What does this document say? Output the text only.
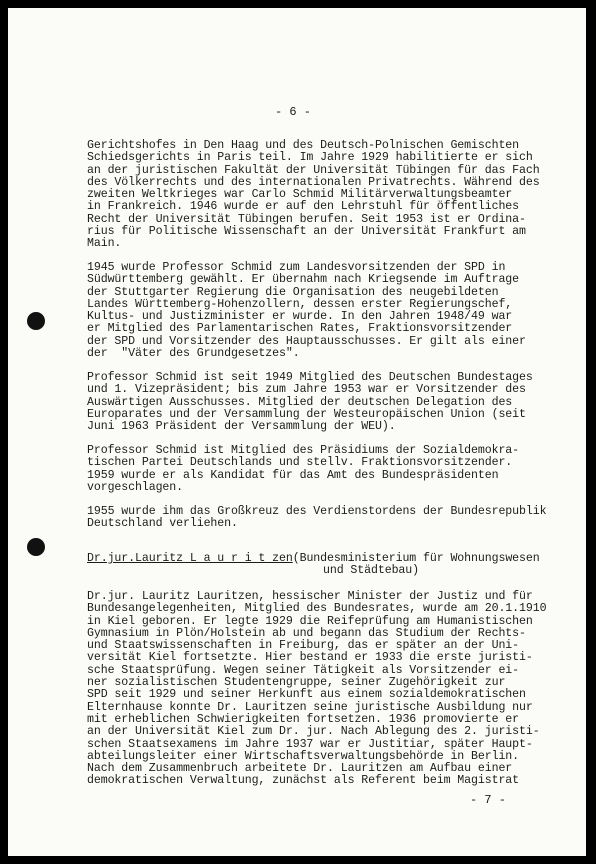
- 6 -
Gerichtshofes in Den Haag und des Deutsch-Polnischen Gemischten
Schiedsgerichts in Paris teil. Im Jahre 1929 habilitierte er sich
an der juristischen Fakultät der Universität Tübingen für das Fach
des Völkerrechts und des internationalen Privatrechts. Während des
zweiten Weltkrieges war Carlo Schmid Militärverwaltungsbeamter
in Frankreich. 1946 wurde er auf den Lehrstuhl für öffentliches
Recht der Universität Tübingen berufen. Seit 1953 ist er Ordina-
rius für Politische Wissenschaft an der Universität Frankfurt am
Main.
1945 wurde Professor Schmid zum Landesvorsitzenden der SPD in
Südwürttemberg gewählt. Er übernahm nach Kriegsende im Auftrage
der Stuttgarter Regierung die Organisation des neugebildeten
Landes Württemberg-Hohenzollern, dessen erster Regierungschef,
Kultus- und Justizminister er wurde. In den Jahren 1948/49 war
er Mitglied des Parlamentarischen Rates, Fraktionsvorsitzender
der SPD und Vorsitzender des Hauptausschusses. Er gilt als einer
der  "Väter des Grundgesetzes".
Professor Schmid ist seit 1949 Mitglied des Deutschen Bundestages
und 1. Vizepräsident; bis zum Jahre 1953 war er Vorsitzender des
Auswärtigen Ausschusses. Mitglied der deutschen Delegation des
Europarates und der Versammlung der Westeuropäischen Union (seit
Juni 1963 Präsident der Versammlung der WEU).
Professor Schmid ist Mitglied des Präsidiums der Sozialdemokra-
tischen Partei Deutschlands und stellv. Fraktionsvorsitzender.
1959 wurde er als Kandidat für das Amt des Bundespräsidenten
vorgeschlagen.
1955 wurde ihm das Großkreuz des Verdienstordens der Bundesrepublik
Deutschland verliehen.
Dr.jur.Lauritz L a u r i t zen(Bundesministerium für Wohnungswesen
und Städtebau)
Dr.jur. Lauritz Lauritzen, hessischer Minister der Justiz und für
Bundesangelegenheiten, Mitglied des Bundesrates, wurde am 20.1.1910
in Kiel geboren. Er legte 1929 die Reifeprüfung am Humanistischen
Gymnasium in Plön/Holstein ab und begann das Studium der Rechts-
und Staatswissenschaften in Freiburg, das er später an der Uni-
versität Kiel fortsetzte. Hier bestand er 1933 die erste juristi-
sche Staatsprüfung. Wegen seiner Tätigkeit als Vorsitzender ei-
ner sozialistischen Studentengruppe, seiner Zugehörigkeit zur
SPD seit 1929 und seiner Herkunft aus einem sozialdemokratischen
Elternhause konnte Dr. Lauritzen seine juristische Ausbildung nur
mit erheblichen Schwierigkeiten fortsetzen. 1936 promovierte er
an der Universität Kiel zum Dr. jur. Nach Ablegung des 2. juristi-
schen Staatsexamens im Jahre 1937 war er Justitiar, später Haupt-
abteilungsleiter einer Wirtschaftsverwaltungsbehörde in Berlin.
Nach dem Zusammenbruch arbeitete Dr. Lauritzen am Aufbau einer
demokratischen Verwaltung, zunächst als Referent beim Magistrat
- 7 -
